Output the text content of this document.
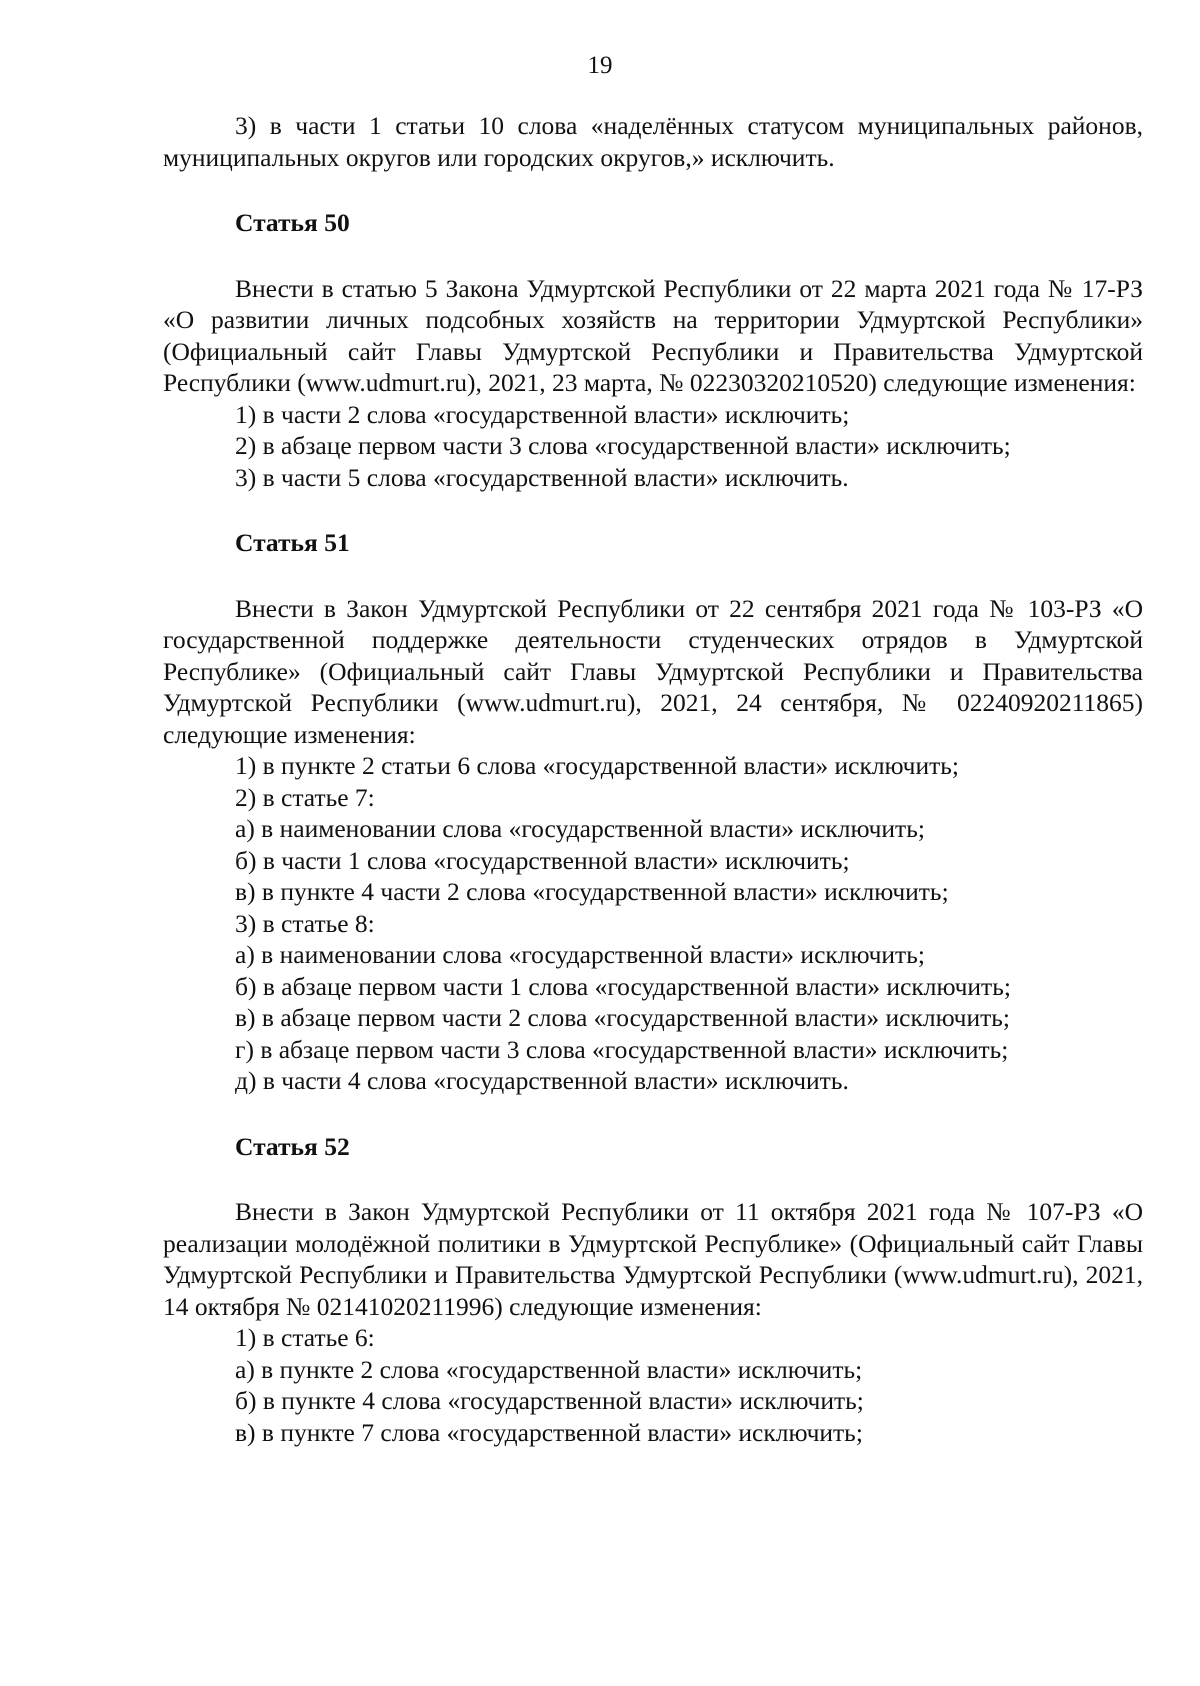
19

3) в части 1 статьи 10 слова «наделённых статусом муниципальных районов, муниципальных округов или городских округов,» исключить.

Статья 50

Внести в статью 5 Закона Удмуртской Республики от 22 марта 2021 года № 17-РЗ «О развитии личных подсобных хозяйств на территории Удмуртской Республики» (Официальный сайт Главы Удмуртской Республики и Правительства Удмуртской Республики (www.udmurt.ru), 2021, 23 марта, № 02230320210520) следующие изменения:

1) в части 2 слова «государственной власти» исключить;
2) в абзаце первом части 3 слова «государственной власти» исключить;
3) в части 5 слова «государственной власти» исключить.
Статья 51

Внести в Закон Удмуртской Республики от 22 сентября 2021 года № 103-РЗ «О государственной поддержке деятельности студенческих отрядов в Удмуртской Республике» (Официальный сайт Главы Удмуртской Республики и Правительства Удмуртской Республики (www.udmurt.ru), 2021, 24 сентября, № 02240920211865) следующие изменения:

1) в пункте 2 статьи 6 слова «государственной власти» исключить;
2) в статье 7:
а) в наименовании слова «государственной власти» исключить;
б) в части 1 слова «государственной власти» исключить;
в) в пункте 4 части 2 слова «государственной власти» исключить;
3) в статье 8:
а) в наименовании слова «государственной власти» исключить;
б) в абзаце первом части 1 слова «государственной власти» исключить;
в) в абзаце первом части 2 слова «государственной власти» исключить;
г) в абзаце первом части 3 слова «государственной власти» исключить;
д) в части 4 слова «государственной власти» исключить.
Статья 52

Внести в Закон Удмуртской Республики от 11 октября 2021 года № 107-РЗ «О реализации молодёжной политики в Удмуртской Республике» (Официальный сайт Главы Удмуртской Республики и Правительства Удмуртской Республики (www.udmurt.ru), 2021, 14 октября № 02141020211996) следующие изменения:

1) в статье 6:
а) в пункте 2 слова «государственной власти» исключить;
б) в пункте 4 слова «государственной власти» исключить;
в) в пункте 7 слова «государственной власти» исключить;
